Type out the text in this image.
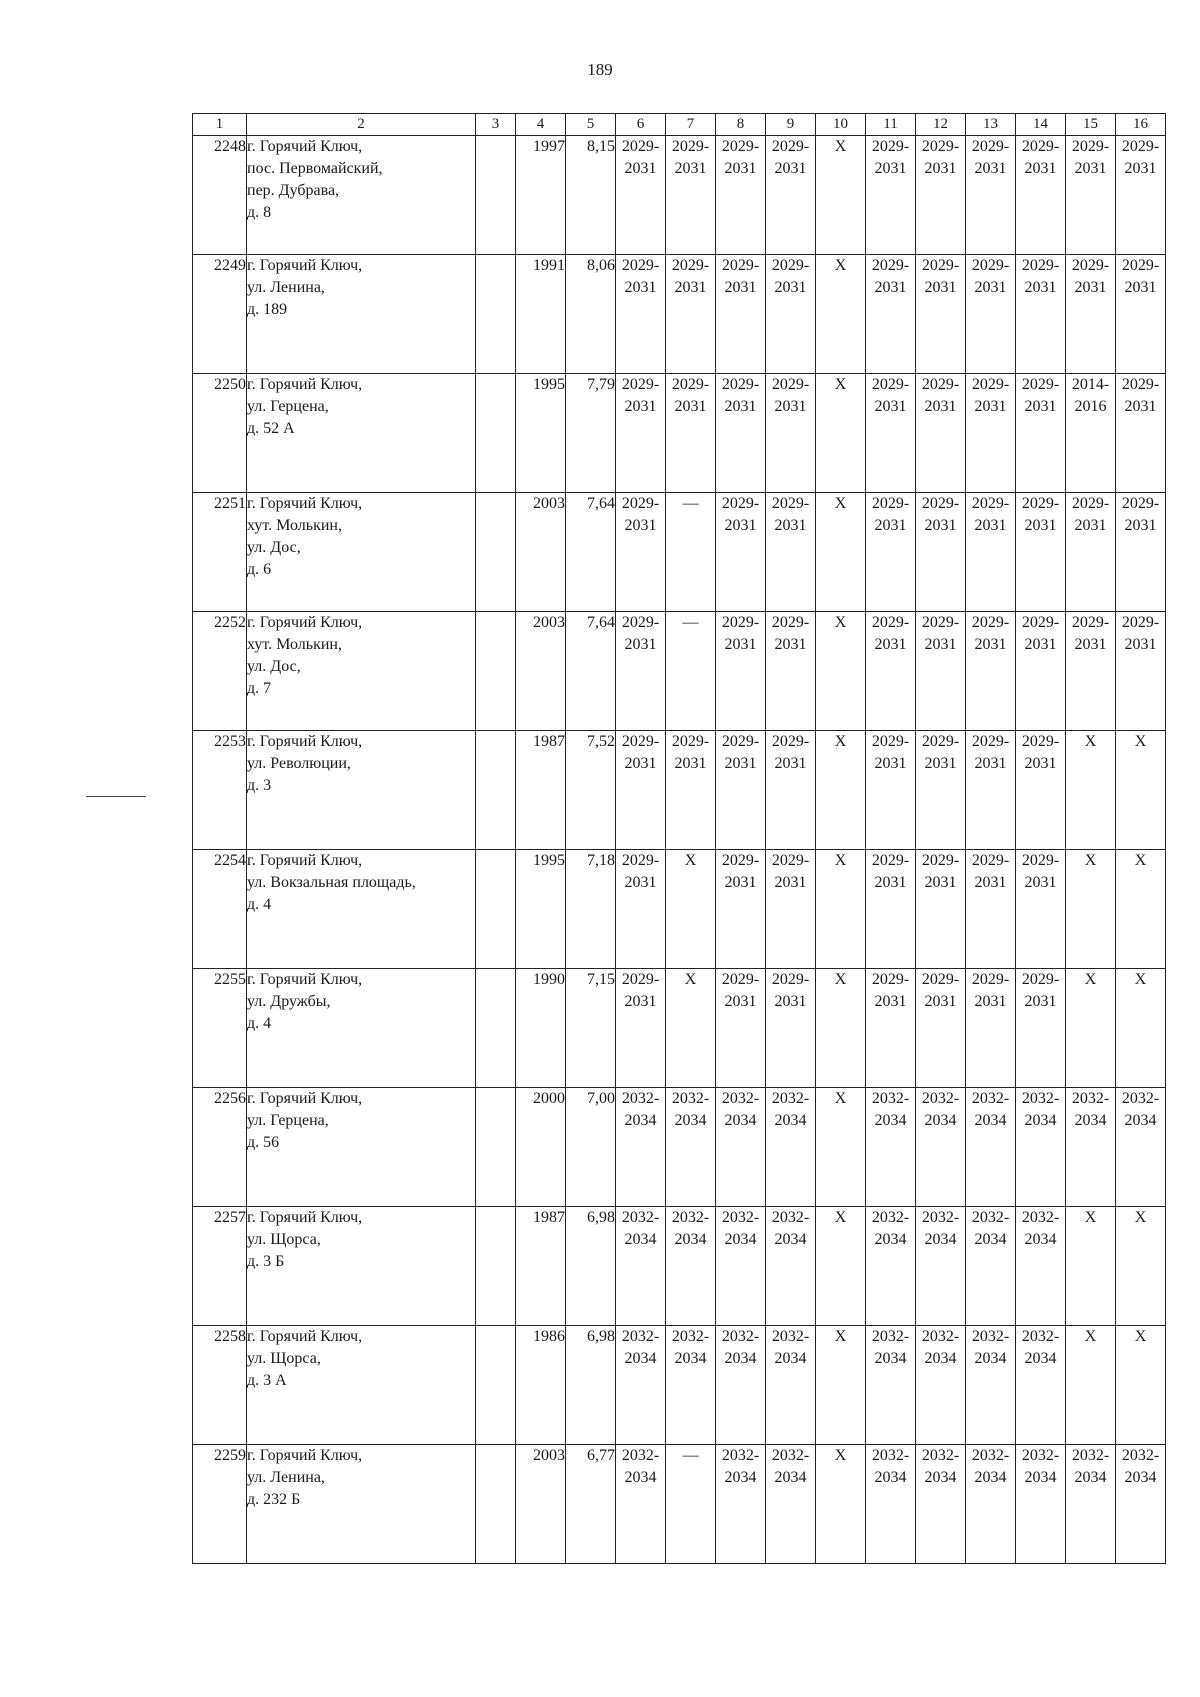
189
1	2	3	4	5	6	7	8	9	10	11	12	13	14	15	16
2248	г. Горячий Ключ,
пос. Первомайский,
пер. Дубрава,
д. 8		1997	8,15	2029-
2031	2029-
2031	2029-
2031	2029-
2031	Х	2029-
2031	2029-
2031	2029-
2031	2029-
2031	2029-
2031	2029-
2031

2249	г. Горячий Ключ,
ул. Ленина,
д. 189		1991	8,06	2029-
2031	2029-
2031	2029-
2031	2029-
2031	Х	2029-
2031	2029-
2031	2029-
2031	2029-
2031	2029-
2031	2029-
2031

2250	г. Горячий Ключ,
ул. Герцена,
д. 52 А		1995	7,79	2029-
2031	2029-
2031	2029-
2031	2029-
2031	Х	2029-
2031	2029-
2031	2029-
2031	2029-
2031	2014-
2016	2029-
2031

2251	г. Горячий Ключ,
хут. Молькин,
ул. Дос,
д. 6		2003	7,64	2029-
2031	—	2029-
2031	2029-
2031	Х	2029-
2031	2029-
2031	2029-
2031	2029-
2031	2029-
2031	2029-
2031

2252	г. Горячий Ключ,
хут. Молькин,
ул. Дос,
д. 7		2003	7,64	2029-
2031	—	2029-
2031	2029-
2031	Х	2029-
2031	2029-
2031	2029-
2031	2029-
2031	2029-
2031	2029-
2031

2253	г. Горячий Ключ,
ул. Революции,
д. 3		1987	7,52	2029-
2031	2029-
2031	2029-
2031	2029-
2031	Х	2029-
2031	2029-
2031	2029-
2031	2029-
2031	Х	Х

2254	г. Горячий Ключ,
ул. Вокзальная площадь,
д. 4		1995	7,18	2029-
2031	Х	2029-
2031	2029-
2031	Х	2029-
2031	2029-
2031	2029-
2031	2029-
2031	Х	Х

2255	г. Горячий Ключ,
ул. Дружбы,
д. 4		1990	7,15	2029-
2031	Х	2029-
2031	2029-
2031	Х	2029-
2031	2029-
2031	2029-
2031	2029-
2031	Х	Х

2256	г. Горячий Ключ,
ул. Герцена,
д. 56		2000	7,00	2032-
2034	2032-
2034	2032-
2034	2032-
2034	Х	2032-
2034	2032-
2034	2032-
2034	2032-
2034	2032-
2034	2032-
2034

2257	г. Горячий Ключ,
ул. Щорса,
д. 3 Б		1987	6,98	2032-
2034	2032-
2034	2032-
2034	2032-
2034	Х	2032-
2034	2032-
2034	2032-
2034	2032-
2034	Х	Х

2258	г. Горячий Ключ,
ул. Щорса,
д. 3 А		1986	6,98	2032-
2034	2032-
2034	2032-
2034	2032-
2034	Х	2032-
2034	2032-
2034	2032-
2034	2032-
2034	Х	Х

2259	г. Горячий Ключ,
ул. Ленина,
д. 232 Б		2003	6,77	2032-
2034	—	2032-
2034	2032-
2034	Х	2032-
2034	2032-
2034	2032-
2034	2032-
2034	2032-
2034	2032-
2034
